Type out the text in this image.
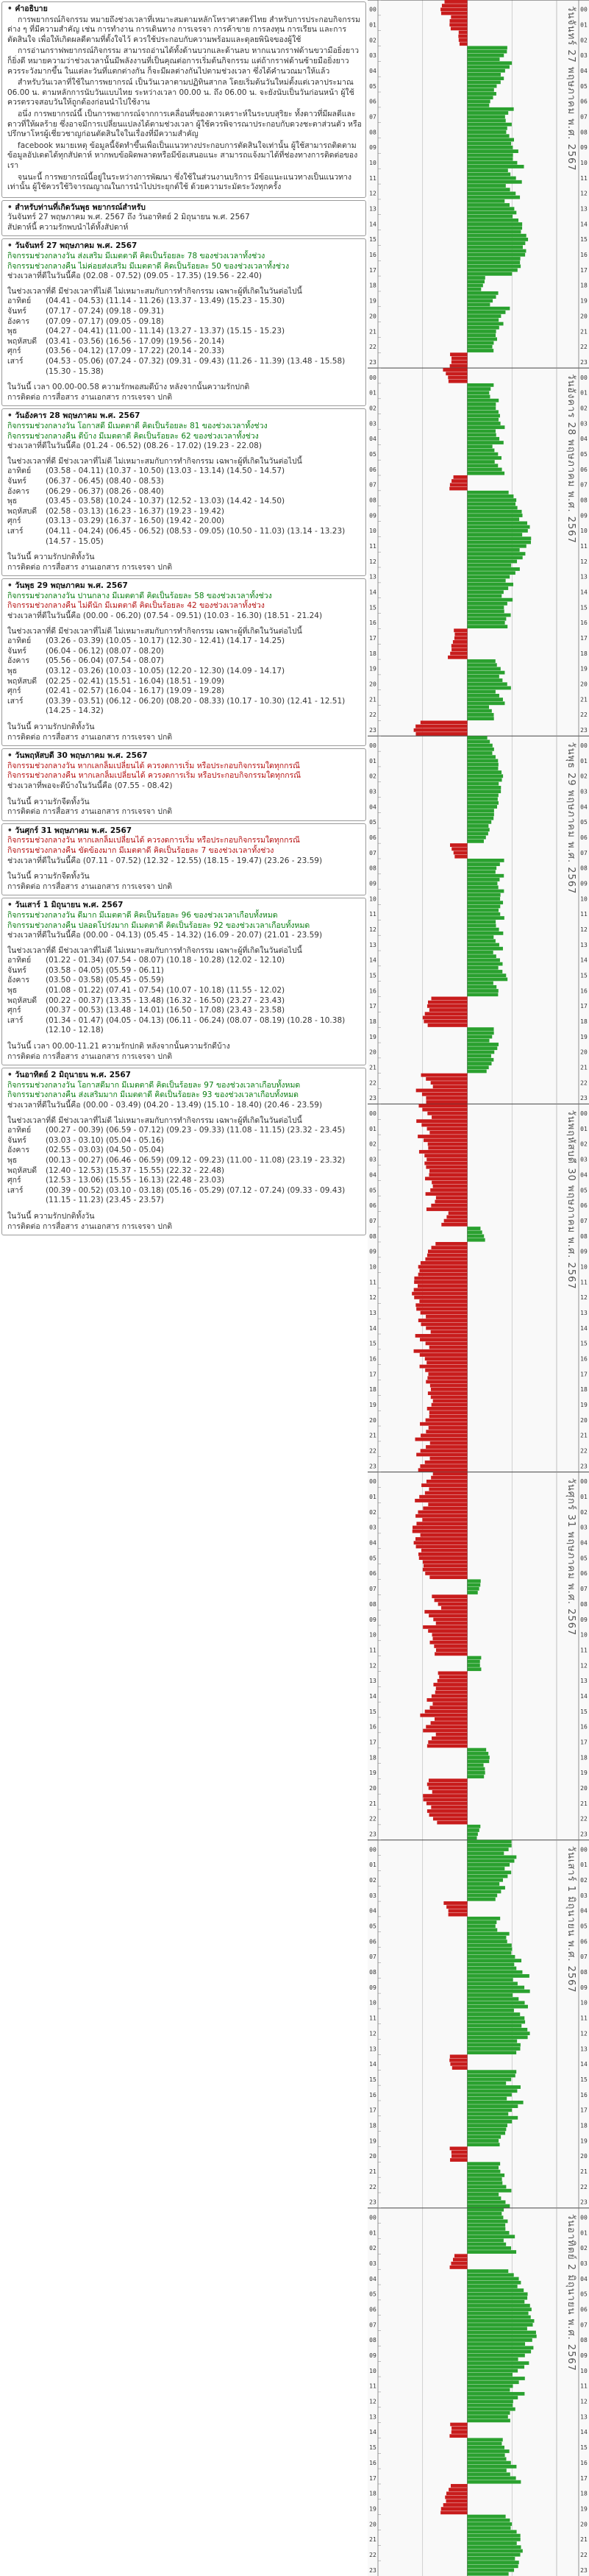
• คำอธิบาย
การพยากรณ์กิจกรรม หมายถึงช่วงเวลาที่เหมาะสมตามหลักโหราศาสตร์ไทย สำหรับการประกอบกิจกรรมต่าง ๆ ที่มีความสำคัญ เช่น การทำงาน การเดินทาง การเจรจา การค้าขาย การลงทุน การเรียน และการตัดสินใจ เพื่อให้เกิดผลดีตามที่ตั้งใจไว้ ควรใช้ประกอบกับความพร้อมและดุลยพินิจของผู้ใช้
การอ่านกราฟพยากรณ์กิจกรรม สามารถอ่านได้ทั้งด้านบวกและด้านลบ หากแนวกราฟด้านขวามือยิ่งยาวก็ยิ่งดี หมายความว่าช่วงเวลานั้นมีพลังงานที่เป็นคุณต่อการเริ่มต้นกิจกรรม แต่ถ้ากราฟด้านซ้ายมือยิ่งยาวควรระวังมากขึ้น ในแต่ละวันที่แตกต่างกัน ก็จะมีผลต่างกันไปตามช่วงเวลา ซึ่งได้คำนวณมาให้แล้ว
สำหรับวันเวลาที่ใช้ในการพยากรณ์ เป็นวันเวลาตามปฏิทินสากล โดยเริ่มต้นวันใหม่ตั้งแต่เวลาประมาณ 06.00 น. ตามหลักการนับวันแบบไทย ระหว่างเวลา 00.00 น. ถึง 06.00 น. จะยังนับเป็นวันก่อนหน้า ผู้ใช้ควรตรวจสอบวันให้ถูกต้องก่อนนำไปใช้งาน
อนึ่ง การพยากรณ์นี้ เป็นการพยากรณ์จากการเคลื่อนที่ของดาวเคราะห์ในระบบสุริยะ ทั้งดาวที่มีผลดีและดาวที่ให้ผลร้าย ซึ่งอาจมีการเปลี่ยนแปลงได้ตามช่วงเวลา ผู้ใช้ควรพิจารณาประกอบกับดวงชะตาส่วนตัว หรือปรึกษาโหรผู้เชี่ยวชาญก่อนตัดสินใจในเรื่องที่มีความสำคัญ
facebook หมายเหตุ ข้อมูลนี้จัดทำขึ้นเพื่อเป็นแนวทางประกอบการตัดสินใจเท่านั้น ผู้ใช้สามารถติดตามข้อมูลอัปเดตได้ทุกสัปดาห์ หากพบข้อผิดพลาดหรือมีข้อเสนอแนะ สามารถแจ้งมาได้ที่ช่องทางการติดต่อของเรา
จนนะนี้ การพยากรณ์นี้อยู่ในระหว่างการพัฒนา ซึ่งใช้ในส่วนงานบริการ มีข้อแนะแนวทางเป็นแนวทางเท่านั้น ผู้ใช้ควรใช้วิจารณญาณในการนำไปประยุกต์ใช้ ด้วยความระมัดระวังทุกครั้ง
• สำหรับท่านที่เกิดวันพุธ พยากรณ์สำหรับ
วันจันทร์ 27 พฤษภาคม พ.ศ. 2567 ถึง วันอาทิตย์ 2 มิถุนายน พ.ศ. 2567
สัปดาห์นี้ ความรักพบนำได้ทั้งสัปดาห์
• วันจันทร์ 27 พฤษภาคม พ.ศ. 2567
กิจกรรมช่วงกลางวัน ส่งเสริม มีเมตตาดี คิดเป็นร้อยละ 78 ของช่วงเวลาทั้งช่วง
กิจกรรมช่วงกลางคืน ไม่ค่อยส่งเสริม มีเมตตาดี คิดเป็นร้อยละ 50 ของช่วงเวลาทั้งช่วง
ช่วงเวลาที่ดีในวันนี้คือ (02.08 - 07.52) (09.05 - 17.35) (19.56 - 22.40)
ในช่วงเวลาที่ดี มีช่วงเวลาที่ไม่ดี ไม่เหมาะสมกับการทำกิจกรรม เฉพาะผู้ที่เกิดในวันต่อไปนี้
อาทิตย์	(04.41 - 04.53) (11.14 - 11.26) (13.37 - 13.49) (15.23 - 15.30)
จันทร์	(07.17 - 07.24) (09.18 - 09.31)
อังคาร	(07.09 - 07.17) (09.05 - 09.18)
พุธ	(04.27 - 04.41) (11.00 - 11.14) (13.27 - 13.37) (15.15 - 15.23)
พฤหัสบดี	(03.41 - 03.56) (16.56 - 17.09) (19.56 - 20.14)
ศุกร์	(03.56 - 04.12) (17.09 - 17.22) (20.14 - 20.33)
เสาร์	(04.53 - 05.06) (07.24 - 07.32) (09.31 - 09.43) (11.26 - 11.39) (13.48 - 15.58) (15.30 - 15.38)
ในวันนี้ เวลา 00.00-00.58 ความรักพอสมดีบ้าง หลังจากนั้นความรักปกติ
การติดต่อ การสื่อสาร งานเอกสาร การเจรจา ปกติ
• วันอังคาร 28 พฤษภาคม พ.ศ. 2567
กิจกรรมช่วงกลางวัน โอกาสดี มีเมตตาดี คิดเป็นร้อยละ 81 ของช่วงเวลาทั้งช่วง
กิจกรรมช่วงกลางคืน ดีบ้าง มีเมตตาดี คิดเป็นร้อยละ 62 ของช่วงเวลาทั้งช่วง
ช่วงเวลาที่ดีในวันนี้คือ (01.24 - 06.52) (08.26 - 17.02) (19.23 - 22.08)
ในช่วงเวลาที่ดี มีช่วงเวลาที่ไม่ดี ไม่เหมาะสมกับการทำกิจกรรม เฉพาะผู้ที่เกิดในวันต่อไปนี้
อาทิตย์	(03.58 - 04.11) (10.37 - 10.50) (13.03 - 13.14) (14.50 - 14.57)
จันทร์	(06.37 - 06.45) (08.40 - 08.53)
อังคาร	(06.29 - 06.37) (08.26 - 08.40)
พุธ	(03.45 - 03.58) (10.24 - 10.37) (12.52 - 13.03) (14.42 - 14.50)
พฤหัสบดี	(02.58 - 03.13) (16.23 - 16.37) (19.23 - 19.42)
ศุกร์	(03.13 - 03.29) (16.37 - 16.50) (19.42 - 20.00)
เสาร์	(04.11 - 04.24) (06.45 - 06.52) (08.53 - 09.05) (10.50 - 11.03) (13.14 - 13.23) (14.57 - 15.05)
ในวันนี้ ความรักปกติทั้งวัน
การติดต่อ การสื่อสาร งานเอกสาร การเจรจา ปกติ
• วันพุธ 29 พฤษภาคม พ.ศ. 2567
กิจกรรมช่วงกลางวัน ปานกลาง มีเมตตาดี คิดเป็นร้อยละ 58 ของช่วงเวลาทั้งช่วง
กิจกรรมช่วงกลางคืน ไม่ดีนัก มีเมตตาดี คิดเป็นร้อยละ 42 ของช่วงเวลาทั้งช่วง
ช่วงเวลาที่ดีในวันนี้คือ (00.00 - 06.20) (07.54 - 09.51) (10.03 - 16.30) (18.51 - 21.24)
ในช่วงเวลาที่ดี มีช่วงเวลาที่ไม่ดี ไม่เหมาะสมกับการทำกิจกรรม เฉพาะผู้ที่เกิดในวันต่อไปนี้
อาทิตย์	(03.26 - 03.39) (10.05 - 10.17) (12.30 - 12.41) (14.17 - 14.25)
จันทร์	(06.04 - 06.12) (08.07 - 08.20)
อังคาร	(05.56 - 06.04) (07.54 - 08.07)
พุธ	(03.12 - 03.26) (10.03 - 10.05) (12.20 - 12.30) (14.09 - 14.17)
พฤหัสบดี	(02.25 - 02.41) (15.51 - 16.04) (18.51 - 19.09)
ศุกร์	(02.41 - 02.57) (16.04 - 16.17) (19.09 - 19.28)
เสาร์	(03.39 - 03.51) (06.12 - 06.20) (08.20 - 08.33) (10.17 - 10.30) (12.41 - 12.51) (14.25 - 14.32)
ในวันนี้ ความรักปกติทั้งวัน
การติดต่อ การสื่อสาร งานเอกสาร การเจรจา ปกติ
• วันพฤหัสบดี 30 พฤษภาคม พ.ศ. 2567
กิจกรรมช่วงกลางวัน หากเลกล็มเปลี่ยนได้ ควรงดการเริ่ม หรือประกอบกิจกรรมใดทุกกรณี
กิจกรรมช่วงกลางคืน หากเลกล็มเปลี่ยนได้ ควรงดการเริ่ม หรือประกอบกิจกรรมใดทุกกรณี
ช่วงเวลาที่พอจะดีบ้างในวันนี้คือ (07.55 - 08.42)
ในวันนี้ ความรักจืดทั้งวัน
การติดต่อ การสื่อสาร งานเอกสาร การเจรจา ปกติ
• วันศุกร์ 31 พฤษภาคม พ.ศ. 2567
กิจกรรมช่วงกลางวัน หากเลกล็มเปลี่ยนได้ ควรงดการเริ่ม หรือประกอบกิจกรรมใดทุกกรณี
กิจกรรมช่วงกลางคืน ขัดข้องมาก มีเมตตาดี คิดเป็นร้อยละ 7 ของช่วงเวลาทั้งช่วง
ช่วงเวลาที่ดีในวันนี้คือ (07.11 - 07.52) (12.32 - 12.55) (18.15 - 19.47) (23.26 - 23.59)
ในวันนี้ ความรักจืดทั้งวัน
การติดต่อ การสื่อสาร งานเอกสาร การเจรจา ปกติ
• วันเสาร์ 1 มิถุนายน พ.ศ. 2567
กิจกรรมช่วงกลางวัน ดีมาก มีเมตตาดี คิดเป็นร้อยละ 96 ของช่วงเวลาเกือบทั้งหมด
กิจกรรมช่วงกลางคืน ปลอดโปร่งมาก มีเมตตาดี คิดเป็นร้อยละ 92 ของช่วงเวลาเกือบทั้งหมด
ช่วงเวลาที่ดีในวันนี้คือ (00.00 - 04.13) (05.45 - 14.32) (16.09 - 20.07) (21.01 - 23.59)
ในช่วงเวลาที่ดี มีช่วงเวลาที่ไม่ดี ไม่เหมาะสมกับการทำกิจกรรม เฉพาะผู้ที่เกิดในวันต่อไปนี้
อาทิตย์	(01.22 - 01.34) (07.54 - 08.07) (10.18 - 10.28) (12.02 - 12.10)
จันทร์	(03.58 - 04.05) (05.59 - 06.11)
อังคาร	(03.50 - 03.58) (05.45 - 05.59)
พุธ	(01.08 - 01.22) (07.41 - 07.54) (10.07 - 10.18) (11.55 - 12.02)
พฤหัสบดี	(00.22 - 00.37) (13.35 - 13.48) (16.32 - 16.50) (23.27 - 23.43)
ศุกร์	(00.37 - 00.53) (13.48 - 14.01) (16.50 - 17.08) (23.43 - 23.58)
เสาร์	(01.34 - 01.47) (04.05 - 04.13) (06.11 - 06.24) (08.07 - 08.19) (10.28 - 10.38) (12.10 - 12.18)
ในวันนี้ เวลา 00.00-11.21 ความรักปกติ หลังจากนั้นความรักดีบ้าง
การติดต่อ การสื่อสาร งานเอกสาร การเจรจา ปกติ
• วันอาทิตย์ 2 มิถุนายน พ.ศ. 2567
กิจกรรมช่วงกลางวัน โอกาสดีมาก มีเมตตาดี คิดเป็นร้อยละ 97 ของช่วงเวลาเกือบทั้งหมด
กิจกรรมช่วงกลางคืน ส่งเสริมมาก มีเมตตาดี คิดเป็นร้อยละ 93 ของช่วงเวลาเกือบทั้งหมด
ช่วงเวลาที่ดีในวันนี้คือ (00.00 - 03.49) (04.20 - 13.49) (15.10 - 18.40) (20.46 - 23.59)
ในช่วงเวลาที่ดี มีช่วงเวลาที่ไม่ดี ไม่เหมาะสมกับการทำกิจกรรม เฉพาะผู้ที่เกิดในวันต่อไปนี้
อาทิตย์	(00.27 - 00.39) (06.59 - 07.12) (09.23 - 09.33) (11.08 - 11.15) (23.32 - 23.45)
จันทร์	(03.03 - 03.10) (05.04 - 05.16)
อังคาร	(02.55 - 03.03) (04.50 - 05.04)
พุธ	(00.13 - 00.27) (06.46 - 06.59) (09.12 - 09.23) (11.00 - 11.08) (23.19 - 23.32)
พฤหัสบดี	(12.40 - 12.53) (15.37 - 15.55) (22.32 - 22.48)
ศุกร์	(12.53 - 13.06) (15.55 - 16.13) (22.48 - 23.03)
เสาร์	(00.39 - 00.52) (03.10 - 03.18) (05.16 - 05.29) (07.12 - 07.24) (09.33 - 09.43) (11.15 - 11.23) (23.45 - 23.57)
ในวันนี้ ความรักปกติทั้งวัน
การติดต่อ การสื่อสาร งานเอกสาร การเจรจา ปกติ
00	00
01	01
02	02
03	03
04	04
05	05
06	06
07	07
08	08
09	09
10	10
11	11
12	12
13	13
14	14
15	15
16	16
17	17
18	18
19	19
20	20
21	21
22	22
23	23
วันจันทร์ 27 พฤษภาคม พ.ศ. 2567
00	00
01	01
02	02
03	03
04	04
05	05
06	06
07	07
08	08
09	09
10	10
11	11
12	12
13	13
14	14
15	15
16	16
17	17
18	18
19	19
20	20
21	21
22	22
23	23
วันอังคาร 28 พฤษภาคม พ.ศ. 2567
00	00
01	01
02	02
03	03
04	04
05	05
06	06
07	07
08	08
09	09
10	10
11	11
12	12
13	13
14	14
15	15
16	16
17	17
18	18
19	19
20	20
21	21
22	22
23	23
วันพุธ 29 พฤษภาคม พ.ศ. 2567
00	00
01	01
02	02
03	03
04	04
05	05
06	06
07	07
08	08
09	09
10	10
11	11
12	12
13	13
14	14
15	15
16	16
17	17
18	18
19	19
20	20
21	21
22	22
23	23
วันพฤหัสบดี 30 พฤษภาคม พ.ศ. 2567
00	00
01	01
02	02
03	03
04	04
05	05
06	06
07	07
08	08
09	09
10	10
11	11
12	12
13	13
14	14
15	15
16	16
17	17
18	18
19	19
20	20
21	21
22	22
23	23
วันศุกร์ 31 พฤษภาคม พ.ศ. 2567
00	00
01	01
02	02
03	03
04	04
05	05
06	06
07	07
08	08
09	09
10	10
11	11
12	12
13	13
14	14
15	15
16	16
17	17
18	18
19	19
20	20
21	21
22	22
23	23
วันเสาร์ 1 มิถุนายน พ.ศ. 2567
00	00
01	01
02	02
03	03
04	04
05	05
06	06
07	07
08	08
09	09
10	10
11	11
12	12
13	13
14	14
15	15
16	16
17	17
18	18
19	19
20	20
21	21
22	22
23	23
วันอาทิตย์ 2 มิถุนายน พ.ศ. 2567
